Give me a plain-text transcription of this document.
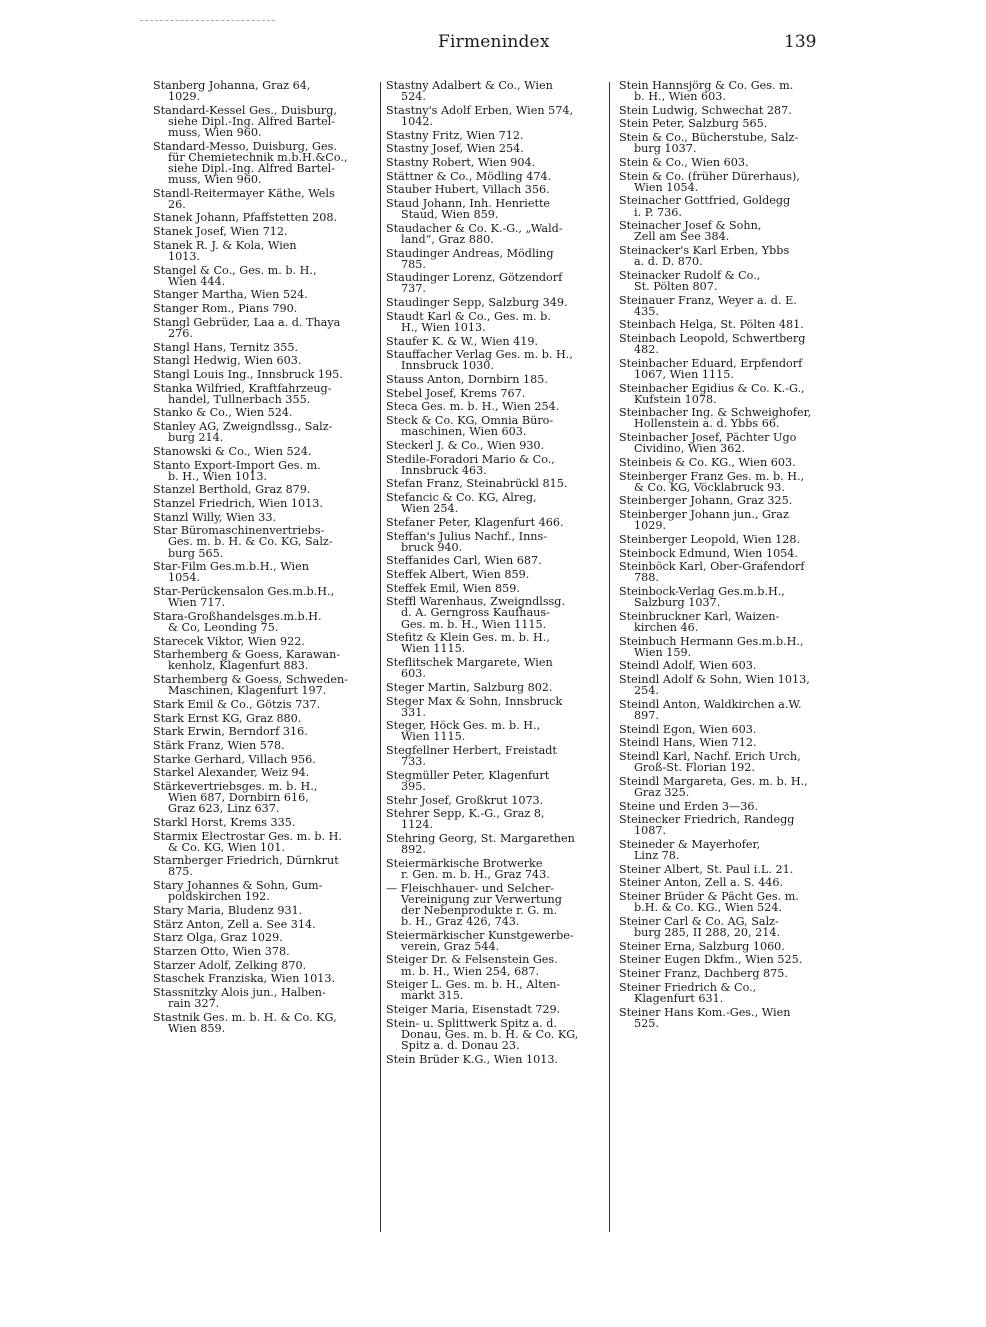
Firmenindex	139
Stanberg Johanna, Graz 64,
1029.
Standard-Kessel Ges., Duisburg,
siehe Dipl.-Ing. Alfred Bartel-
muss, Wien 960.
Standard-Messo, Duisburg, Ges.
für Chemietechnik m.b.H.&Co.,
siehe Dipl.-Ing. Alfred Bartel-
muss, Wien 960.
Standl-Reitermayer Käthe, Wels
26.
Stanek Johann, Pfaffstetten 208.
Stanek Josef, Wien 712.
Stanek R. J. & Kola, Wien
1013.
Stangel & Co., Ges. m. b. H.,
Wien 444.
Stanger Martha, Wien 524.
Stanger Rom., Pians 790.
Stangl Gebrüder, Laa a. d. Thaya
276.
Stangl Hans, Ternitz 355.
Stangl Hedwig, Wien 603.
Stangl Louis Ing., Innsbruck 195.
Stanka Wilfried, Kraftfahrzeug-
handel, Tullnerbach 355.
Stanko & Co., Wien 524.
Stanley AG, Zweigndlssg., Salz-
burg 214.
Stanowski & Co., Wien 524.
Stanto Export-Import Ges. m.
b. H., Wien 1013.
Stanzel Berthold, Graz 879.
Stanzel Friedrich, Wien 1013.
Stanzl Willy, Wien 33.
Star Büromaschinenvertriebs-
Ges. m. b. H. & Co. KG, Salz-
burg 565.
Star-Film Ges.m.b.H., Wien
1054.
Star-Perückensalon Ges.m.b.H.,
Wien 717.
Stara-Großhandelsges.m.b.H.
& Co, Leonding 75.
Starecek Viktor, Wien 922.
Starhemberg & Goess, Karawan-
kenholz, Klagenfurt 883.
Starhemberg & Goess, Schweden-
Maschinen, Klagenfurt 197.
Stark Emil & Co., Götzis 737.
Stark Ernst KG, Graz 880.
Stark Erwin, Berndorf 316.
Stärk Franz, Wien 578.
Starke Gerhard, Villach 956.
Starkel Alexander, Weiz 94.
Stärkevertriebsges. m. b. H.,
Wien 687, Dornbirn 616,
Graz 623, Linz 637.
Starkl Horst, Krems 335.
Starmix Electrostar Ges. m. b. H.
& Co. KG, Wien 101.
Starnberger Friedrich, Dürnkrut
875.
Stary Johannes & Sohn, Gum-
poldskirchen 192.
Stary Maria, Bludenz 931.
Stärz Anton, Zell a. See 314.
Starz Olga, Graz 1029.
Starzen Otto, Wien 378.
Starzer Adolf, Zelking 870.
Staschek Franziska, Wien 1013.
Stassnitzky Alois jun., Halben-
rain 327.
Stastnik Ges. m. b. H. & Co. KG,
Wien 859.
Stastny Adalbert & Co., Wien
524.
Stastny's Adolf Erben, Wien 574,
1042.
Stastny Fritz, Wien 712.
Stastny Josef, Wien 254.
Stastny Robert, Wien 904.
Stättner & Co., Mödling 474.
Stauber Hubert, Villach 356.
Staud Johann, Inh. Henriette
Staud, Wien 859.
Staudacher & Co. K.-G., „Wald-
land“, Graz 880.
Staudinger Andreas, Mödling
785.
Staudinger Lorenz, Götzendorf
737.
Staudinger Sepp, Salzburg 349.
Staudt Karl & Co., Ges. m. b.
H., Wien 1013.
Staufer K. & W., Wien 419.
Stauffacher Verlag Ges. m. b. H.,
Innsbruck 1030.
Stauss Anton, Dornbirn 185.
Stebel Josef, Krems 767.
Steca Ges. m. b. H., Wien 254.
Steck & Co. KG, Omnia Büro-
maschinen, Wien 603.
Steckerl J. & Co., Wien 930.
Stedile-Foradori Mario & Co.,
Innsbruck 463.
Stefan Franz, Steinabrückl 815.
Stefancic & Co. KG, Alreg,
Wien 254.
Stefaner Peter, Klagenfurt 466.
Steffan's Julius Nachf., Inns-
bruck 940.
Steffanides Carl, Wien 687.
Steffek Albert, Wien 859.
Steffek Emil, Wien 859.
Steffl Warenhaus, Zweigndlssg.
d. A. Gerngross Kaufhaus-
Ges. m. b. H., Wien 1115.
Stefitz & Klein Ges. m. b. H.,
Wien 1115.
Steflitschek Margarete, Wien
603.
Steger Martin, Salzburg 802.
Steger Max & Sohn, Innsbruck
331.
Steger, Höck Ges. m. b. H.,
Wien 1115.
Stegfellner Herbert, Freistadt
733.
Stegmüller Peter, Klagenfurt
395.
Stehr Josef, Großkrut 1073.
Stehrer Sepp, K.-G., Graz 8,
1124.
Stehring Georg, St. Margarethen
892.
Steiermärkische Brotwerke
r. Gen. m. b. H., Graz 743.
— Fleischhauer- und Selcher-
Vereinigung zur Verwertung
der Nebenprodukte r. G. m.
b. H., Graz 426, 743.
Steiermärkischer Kunstgewerbe-
verein, Graz 544.
Steiger Dr. & Felsenstein Ges.
m. b. H., Wien 254, 687.
Steiger L. Ges. m. b. H., Alten-
markt 315.
Steiger Maria, Eisenstadt 729.
Stein- u. Splittwerk Spitz a. d.
Donau, Ges. m. b. H. & Co. KG,
Spitz a. d. Donau 23.
Stein Brüder K.G., Wien 1013.
Stein Hannsjörg & Co. Ges. m.
b. H., Wien 603.
Stein Ludwig, Schwechat 287.
Stein Peter, Salzburg 565.
Stein & Co., Bücherstube, Salz-
burg 1037.
Stein & Co., Wien 603.
Stein & Co. (früher Dürerhaus),
Wien 1054.
Steinacher Gottfried, Goldegg
i. P. 736.
Steinacher Josef & Sohn,
Zell am See 384.
Steinacker's Karl Erben, Ybbs
a. d. D. 870.
Steinacker Rudolf & Co.,
St. Pölten 807.
Steinauer Franz, Weyer a. d. E.
435.
Steinbach Helga, St. Pölten 481.
Steinbach Leopold, Schwertberg
482.
Steinbacher Eduard, Erpfendorf
1067, Wien 1115.
Steinbacher Egidius & Co. K.-G.,
Kufstein 1078.
Steinbacher Ing. & Schweighofer,
Hollenstein a. d. Ybbs 66.
Steinbacher Josef, Pächter Ugo
Cividino, Wien 362.
Steinbeis & Co. KG., Wien 603.
Steinberger Franz Ges. m. b. H.,
& Co. KG, Vöcklabruck 93.
Steinberger Johann, Graz 325.
Steinberger Johann jun., Graz
1029.
Steinberger Leopold, Wien 128.
Steinbock Edmund, Wien 1054.
Steinböck Karl, Ober-Grafendorf
788.
Steinbock-Verlag Ges.m.b.H.,
Salzburg 1037.
Steinbruckner Karl, Waizen-
kirchen 46.
Steinbuch Hermann Ges.m.b.H.,
Wien 159.
Steindl Adolf, Wien 603.
Steindl Adolf & Sohn, Wien 1013,
254.
Steindl Anton, Waldkirchen a.W.
897.
Steindl Egon, Wien 603.
Steindl Hans, Wien 712.
Steindl Karl, Nachf. Erich Urch,
Groß-St. Florian 192.
Steindl Margareta, Ges. m. b. H.,
Graz 325.
Steine und Erden 3—36.
Steinecker Friedrich, Randegg
1087.
Steineder & Mayerhofer,
Linz 78.
Steiner Albert, St. Paul i.L. 21.
Steiner Anton, Zell a. S. 446.
Steiner Brüder & Pächt Ges. m.
b.H. & Co. KG., Wien 524.
Steiner Carl & Co. AG, Salz-
burg 285, II 288, 20, 214.
Steiner Erna, Salzburg 1060.
Steiner Eugen Dkfm., Wien 525.
Steiner Franz, Dachberg 875.
Steiner Friedrich & Co.,
Klagenfurt 631.
Steiner Hans Kom.-Ges., Wien
525.
